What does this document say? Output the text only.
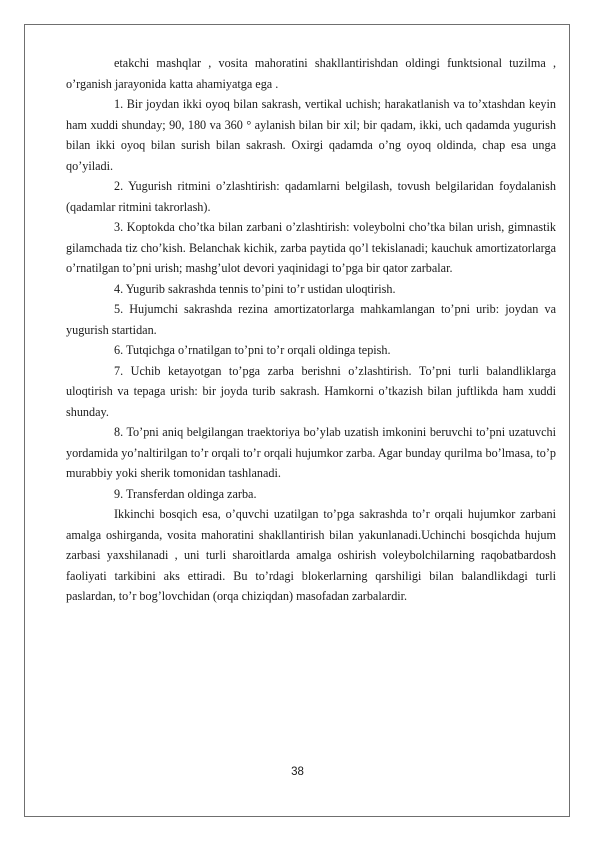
etakchi mashqlar , vosita mahoratini shakllantirishdan oldingi funktsional tuzilma , o’rganish jarayonida katta ahamiyatga ega .

1. Bir joydan ikki oyoq bilan sakrash, vertikal uchish; harakatlanish va to’xtashdan keyin ham xuddi shunday; 90, 180 va 360 ° aylanish bilan bir xil; bir qadam, ikki, uch qadamda yugurish bilan ikki oyoq bilan surish bilan sakrash. Oxirgi qadamda o’ng oyoq oldinda, chap esa unga qo’yiladi.

2. Yugurish ritmini o’zlashtirish: qadamlarni belgilash, tovush belgilaridan foydalanish (qadamlar ritmini takrorlash).

3. Koptokda cho’tka bilan zarbani o’zlashtirish: voleybolni cho’tka bilan urish, gimnastik gilamchada tiz cho’kish. Belanchak kichik, zarba paytida qo’l tekislanadi; kauchuk amortizatorlarga o’rnatilgan to’pni urish; mashg’ulot devori yaqinidagi to’pga bir qator zarbalar.

4. Yugurib sakrashda tennis to’pini to’r ustidan uloqtirish.

5. Hujumchi sakrashda rezina amortizatorlarga mahkamlangan to’pni urib: joydan va yugurish startidan.

6. Tutqichga o’rnatilgan to’pni to’r orqali oldinga tepish.

7. Uchib ketayotgan to’pga zarba berishni o’zlashtirish. To’pni turli balandliklarga uloqtirish va tepaga urish: bir joyda turib sakrash. Hamkorni o’tkazish bilan juftlikda ham xuddi shunday.

8. To’pni aniq belgilangan traektoriya bo’ylab uzatish imkonini beruvchi to’pni uzatuvchi yordamida yo’naltirilgan to’r orqali to’r orqali hujumkor zarba. Agar bunday qurilma bo’lmasa, to’p murabbiy yoki sherik tomonidan tashlanadi.

9. Transferdan oldinga zarba.

Ikkinchi bosqich esa, o’quvchi uzatilgan to’pga sakrashda to’r orqali hujumkor zarbani amalga oshirganda, vosita mahoratini shakllantirish bilan yakunlanadi.Uchinchi bosqichda hujum zarbasi yaxshilanadi , uni turli sharoitlarda amalga oshirish voleybolchilarning raqobatbardosh faoliyati tarkibini aks ettiradi. Bu to’rdagi blokerlarning qarshiligi bilan balandlikdagi turli paslardan, to’r bog’lovchidan (orqa chiziqdan) masofadan zarbalardir.

38
